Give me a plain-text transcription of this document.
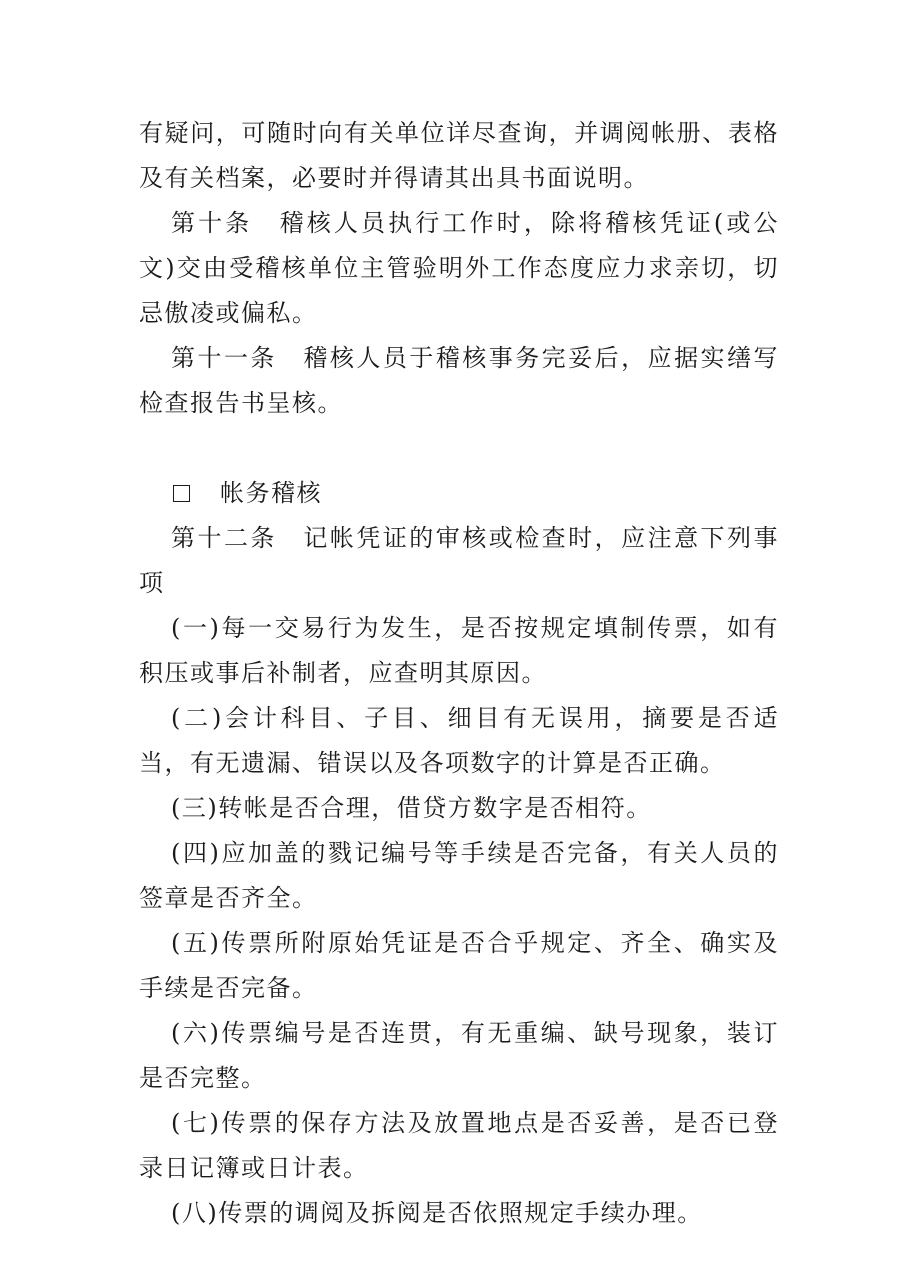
有疑问，可随时向有关单位详尽查询，并调阅帐册、表格及有关档案，必要时并得请其出具书面说明。

第十条　稽核人员执行工作时，除将稽核凭证(或公文)交由受稽核单位主管验明外工作态度应力求亲切，切忌傲凌或偏私。

第十一条　稽核人员于稽核事务完妥后，应据实缮写检查报告书呈核。

帐务稽核

第十二条　记帐凭证的审核或检查时，应注意下列事项

(一)每一交易行为发生，是否按规定填制传票，如有积压或事后补制者，应查明其原因。

(二)会计科目、子目、细目有无误用，摘要是否适当，有无遗漏、错误以及各项数字的计算是否正确。

(三)转帐是否合理，借贷方数字是否相符。

(四)应加盖的戮记编号等手续是否完备，有关人员的签章是否齐全。

(五)传票所附原始凭证是否合乎规定、齐全、确实及手续是否完备。

(六)传票编号是否连贯，有无重编、缺号现象，装订是否完整。

(七)传票的保存方法及放置地点是否妥善，是否已登录日记簿或日计表。

(八)传票的调阅及拆阅是否依照规定手续办理。
